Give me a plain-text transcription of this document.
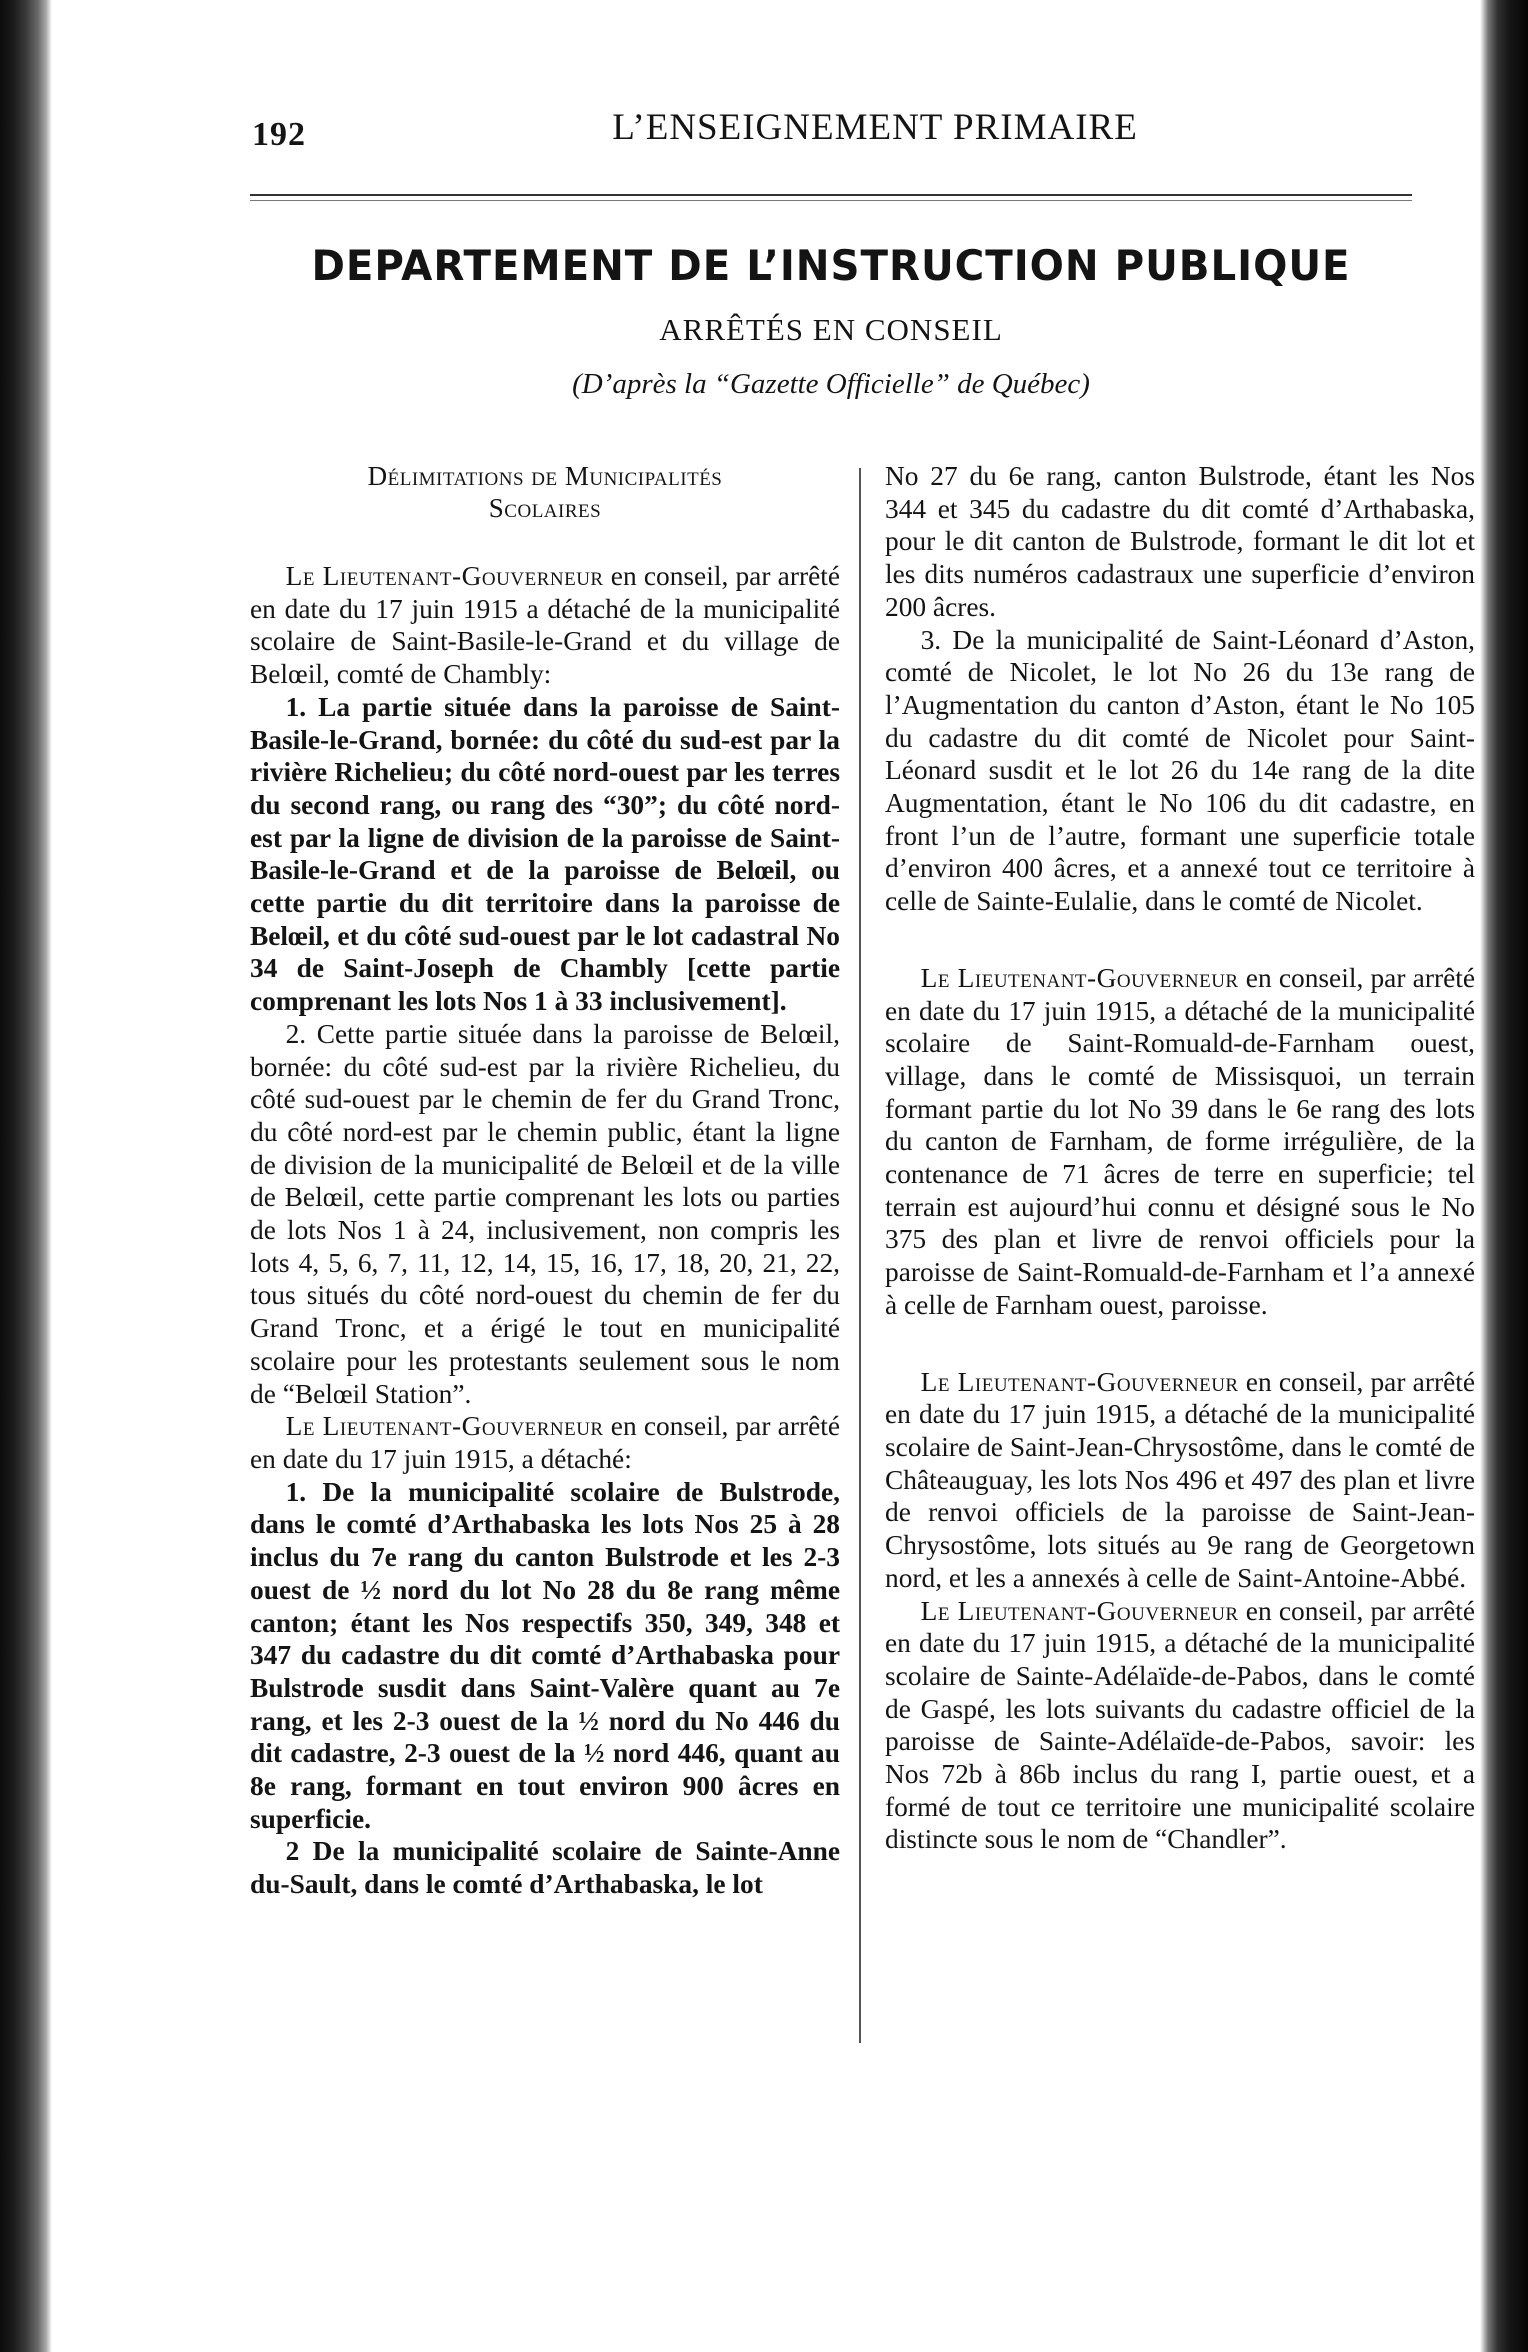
192	L’ENSEIGNEMENT PRIMAIRE
DEPARTEMENT DE L’INSTRUCTION PUBLIQUE
ARRÊTÉS EN CONSEIL
(D’après la “Gazette Officielle” de Québec)
Délimitations de Municipalités
Scolaires

Le Lieutenant-Gouverneur en conseil, par arrêté en date du 17 juin 1915 a détaché de la municipalité scolaire de Saint-Basile-le-Grand et du village de Belœil, comté de Chambly:

1. La partie située dans la paroisse de Saint-Basile-le-Grand, bornée: du côté du sud-est par la rivière Richelieu; du côté nord-ouest par les terres du second rang, ou rang des “30”; du côté nord-est par la ligne de division de la paroisse de Saint-Basile-le-Grand et de la paroisse de Belœil, ou cette partie du dit territoire dans la paroisse de Belœil, et du côté sud-ouest par le lot cadastral No 34 de Saint-Joseph de Chambly [cette partie comprenant les lots Nos 1 à 33 inclusivement].

2. Cette partie située dans la paroisse de Belœil, bornée: du côté sud-est par la rivière Richelieu, du côté sud-ouest par le chemin de fer du Grand Tronc, du côté nord-est par le chemin public, étant la ligne de division de la municipalité de Belœil et de la ville de Belœil, cette partie comprenant les lots ou parties de lots Nos 1 à 24, inclusivement, non compris les lots 4, 5, 6, 7, 11, 12, 14, 15, 16, 17, 18, 20, 21, 22, tous situés du côté nord-ouest du chemin de fer du Grand Tronc, et a érigé le tout en municipalité scolaire pour les protestants seulement sous le nom de “Belœil Station”.

Le Lieutenant-Gouverneur en conseil, par arrêté en date du 17 juin 1915, a détaché:

1. De la municipalité scolaire de Bulstrode, dans le comté d’Arthabaska les lots Nos 25 à 28 inclus du 7e rang du canton Bulstrode et les 2-3 ouest de ½ nord du lot No 28 du 8e rang même canton; étant les Nos respectifs 350, 349, 348 et 347 du cadastre du dit comté d’Arthabaska pour Bulstrode susdit dans Saint-Valère quant au 7e rang, et les 2-3 ouest de la ½ nord du No 446 du dit cadastre, 2-3 ouest de la ½ nord 446, quant au 8e rang, formant en tout environ 900 âcres en superficie.

2 De la municipalité scolaire de Sainte-Anne du-Sault, dans le comté d’Arthabaska, le lot

No 27 du 6e rang, canton Bulstrode, étant les Nos 344 et 345 du cadastre du dit comté d’Arthabaska, pour le dit canton de Bulstrode, formant le dit lot et les dits numéros cadastraux une superficie d’environ 200 âcres.

3. De la municipalité de Saint-Léonard d’Aston, comté de Nicolet, le lot No 26 du 13e rang de l’Augmentation du canton d’Aston, étant le No 105 du cadastre du dit comté de Nicolet pour Saint-Léonard susdit et le lot 26 du 14e rang de la dite Augmentation, étant le No 106 du dit cadastre, en front l’un de l’autre, formant une superficie totale d’environ 400 âcres, et a annexé tout ce territoire à celle de Sainte-Eulalie, dans le comté de Nicolet.

Le Lieutenant-Gouverneur en conseil, par arrêté en date du 17 juin 1915, a détaché de la municipalité scolaire de Saint-Romuald-de-Farnham ouest, village, dans le comté de Missisquoi, un terrain formant partie du lot No 39 dans le 6e rang des lots du canton de Farnham, de forme irrégulière, de la contenance de 71 âcres de terre en superficie; tel terrain est aujourd’hui connu et désigné sous le No 375 des plan et livre de renvoi officiels pour la paroisse de Saint-Romuald-de-Farnham et l’a annexé à celle de Farnham ouest, paroisse.

Le Lieutenant-Gouverneur en conseil, par arrêté en date du 17 juin 1915, a détaché de la municipalité scolaire de Saint-Jean-Chrysostôme, dans le comté de Châteauguay, les lots Nos 496 et 497 des plan et livre de renvoi officiels de la paroisse de Saint-Jean-Chrysostôme, lots situés au 9e rang de Georgetown nord, et les a annexés à celle de Saint-Antoine-Abbé.

Le Lieutenant-Gouverneur en conseil, par arrêté en date du 17 juin 1915, a détaché de la municipalité scolaire de Sainte-Adélaïde-de-Pabos, dans le comté de Gaspé, les lots suivants du cadastre officiel de la paroisse de Sainte-Adélaïde-de-Pabos, savoir: les Nos 72b à 86b inclus du rang I, partie ouest, et a formé de tout ce territoire une municipalité scolaire distincte sous le nom de “Chandler”.
